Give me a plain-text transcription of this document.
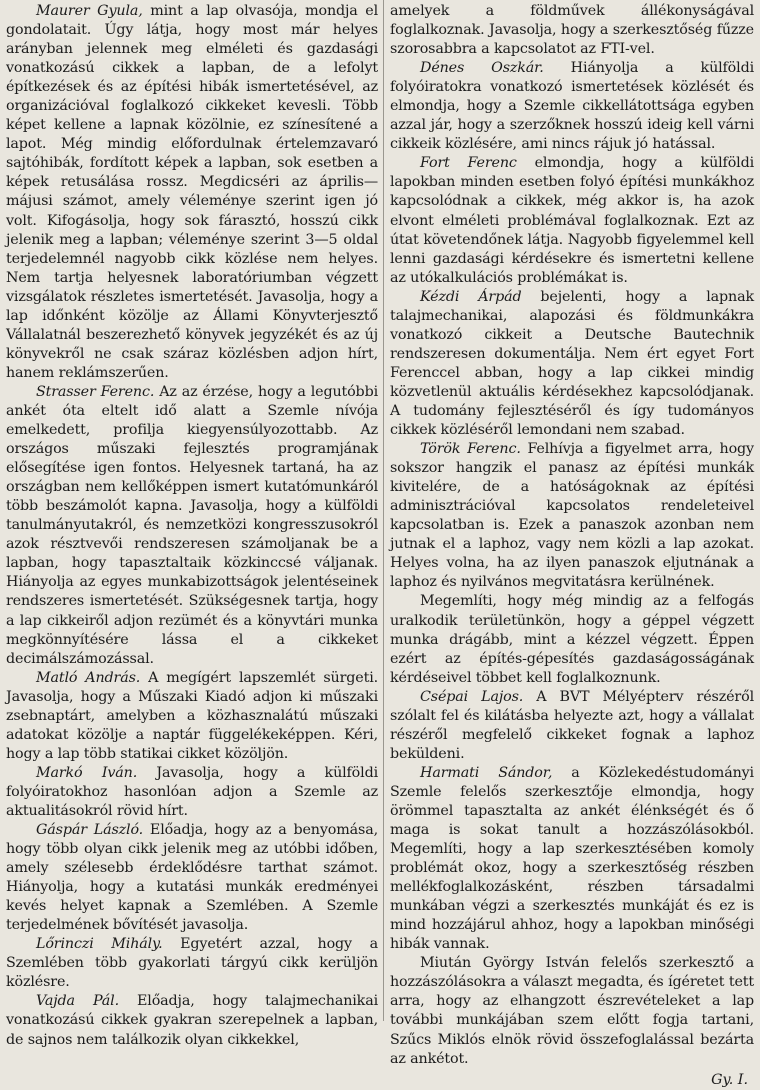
Maurer Gyula, mint a lap olvasója, mondja el gondolatait. Úgy látja, hogy most már helyes arányban jelennek meg elméleti és gazdasági vonatkozású cikkek a lapban, de a lefolyt építkezések és az építési hibák ismertetésével, az organizációval foglalkozó cikkeket kevesli. Több képet kellene a lapnak közölnie, ez színesítené a lapot. Még mindig előfordulnak értelemzavaró sajtóhibák, fordított képek a lapban, sok esetben a képek retusálása rossz. Megdicséri az április—májusi számot, amely véleménye szerint igen jó volt. Kifogásolja, hogy sok fárasztó, hosszú cikk jelenik meg a lapban; véleménye szerint 3—5 oldal terjedelemnél nagyobb cikk közlése nem helyes. Nem tartja helyesnek laboratóriumban végzett vizsgálatok részletes ismertetését. Javasolja, hogy a lap időnként közölje az Állami Könyvterjesztő Vállalatnál beszerezhető könyvek jegyzékét és az új könyvekről ne csak száraz közlésben adjon hírt, hanem reklámszerűen.

Strasser Ferenc. Az az érzése, hogy a legutóbbi ankét óta eltelt idő alatt a Szemle nívója emelkedett, profilja kiegyensúlyozottabb. Az országos műszaki fejlesztés programjának elősegítése igen fontos. Helyesnek tartaná, ha az országban nem kellőképpen ismert kutatómunkáról több beszámolót kapna. Javasolja, hogy a külföldi tanulmányutakról, és nemzetközi kongresszusokról azok résztvevői rendszeresen számoljanak be a lapban, hogy tapasztaltaik közkinccsé váljanak. Hiányolja az egyes munkabizottságok jelentéseinek rendszeres ismertetését. Szükségesnek tartja, hogy a lap cikkeiről adjon rezümét és a könyvtári munka megkönnyítésére lássa el a cikkeket decimálszámozással.

Matló András. A megígért lapszemlét sürgeti. Javasolja, hogy a Műszaki Kiadó adjon ki műszaki zsebnaptárt, amelyben a közhasznalátú műszaki adatokat közölje a naptár függelékeképpen. Kéri, hogy a lap több statikai cikket közöljön.

Markó Iván. Javasolja, hogy a külföldi folyóiratokhoz hasonlóan adjon a Szemle az aktualitásokról rövid hírt.

Gáspár László. Előadja, hogy az a benyomása, hogy több olyan cikk jelenik meg az utóbbi időben, amely szélesebb érdeklődésre tarthat számot. Hiányolja, hogy a kutatási munkák eredményei kevés helyet kapnak a Szemlében. A Szemle terjedelmének bővítését javasolja.

Lőrinczi Mihály. Egyetért azzal, hogy a Szemlében több gyakorlati tárgyú cikk kerüljön közlésre.

Vajda Pál. Előadja, hogy talajmechanikai vonatkozású cikkek gyakran szerepelnek a lapban, de sajnos nem találkozik olyan cikkekkel,

amelyek a földművek állékonyságával foglalkoznak. Javasolja, hogy a szerkesztőség fűzze szorosabbra a kapcsolatot az FTI-vel.

Dénes Oszkár. Hiányolja a külföldi folyóiratokra vonatkozó ismertetések közlését és elmondja, hogy a Szemle cikkellátottsága egyben azzal jár, hogy a szerzőknek hosszú ideig kell várni cikkeik közlésére, ami nincs rájuk jó hatással.

Fort Ferenc elmondja, hogy a külföldi lapokban minden esetben folyó építési munkákhoz kapcsolódnak a cikkek, még akkor is, ha azok elvont elméleti problémával foglalkoznak. Ezt az útat követendőnek látja. Nagyobb figyelemmel kell lenni gazdasági kérdésekre és ismertetni kellene az utókalkulációs problémákat is.

Kézdi Árpád bejelenti, hogy a lapnak talajmechanikai, alapozási és földmunkákra vonatkozó cikkeit a Deutsche Bautechnik rendszeresen dokumentálja. Nem ért egyet Fort Ferenccel abban, hogy a lap cikkei mindig közvetlenül aktuális kérdésekhez kapcsolódjanak. A tudomány fejlesztéséről és így tudományos cikkek közléséről lemondani nem szabad.

Török Ferenc. Felhívja a figyelmet arra, hogy sokszor hangzik el panasz az építési munkák kivitelére, de a hatóságoknak az építési adminisztrációval kapcsolatos rendeleteivel kapcsolatban is. Ezek a panaszok azonban nem jutnak el a laphoz, vagy nem közli a lap azokat. Helyes volna, ha az ilyen panaszok eljutnának a laphoz és nyilvános megvitatásra kerülnének.

Megemlíti, hogy még mindig az a felfogás uralkodik területünkön, hogy a géppel végzett munka drágább, mint a kézzel végzett. Éppen ezért az építés-gépesítés gazdaságosságának kérdéseivel többet kell foglalkoznunk.

Csépai Lajos. A BVT Mélyépterv részéről szólalt fel és kilátásba helyezte azt, hogy a vállalat részéről megfelelő cikkeket fognak a laphoz beküldeni.

Harmati Sándor, a Közlekedéstudományi Szemle felelős szerkesztője elmondja, hogy örömmel tapasztalta az ankét élénkségét és ő maga is sokat tanult a hozzászólásokból. Megemlíti, hogy a lap szerkesztésében komoly problémát okoz, hogy a szerkesztőség részben mellékfoglalkozásként, részben társadalmi munkában végzi a szerkesztés munkáját és ez is mind hozzájárul ahhoz, hogy a lapokban minőségi hibák vannak.

Miután György István felelős szerkesztő a hozzászólásokra a választ megadta, és ígéretet tett arra, hogy az elhangzott észrevételeket a lap további munkájában szem előtt fogja tartani, Szűcs Miklós elnök rövid összefoglalással bezárta az ankétot.

Gy. I.
